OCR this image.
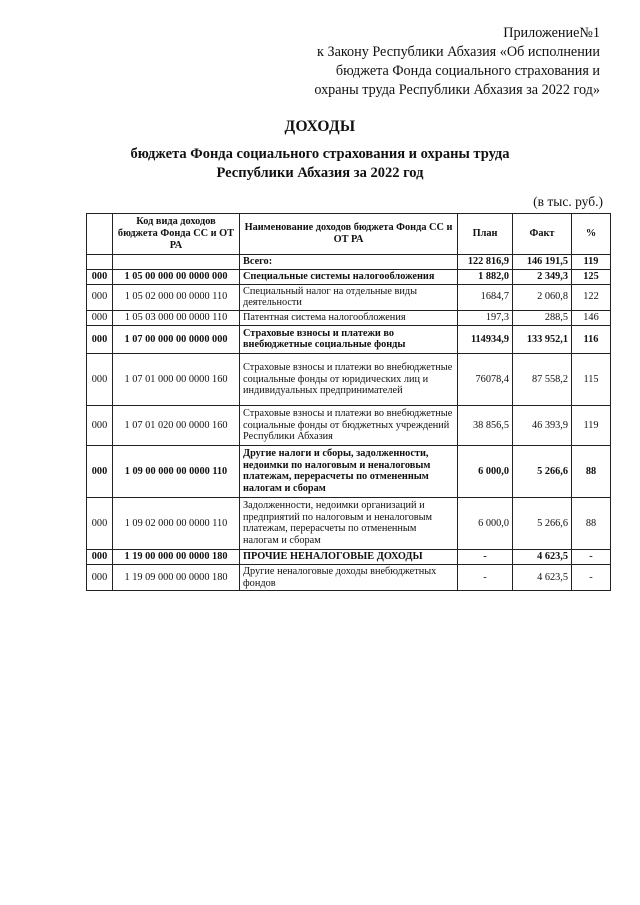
Приложение№1
к Закону Республики Абхазия «Об исполнении
бюджета Фонда социального страхования и
охраны труда Республики Абхазия за 2022 год»
ДОХОДЫ
бюджета Фонда социального страхования и охраны труда
Республики Абхазия за 2022 год
(в тыс. руб.)
	Код вида доходов бюджета Фонда СС и ОТ РА	Наименование доходов бюджета Фонда СС и ОТ РА	План	Факт	%
		Всего:	122 816,9	146 191,5	119
000	1 05 00 000 00 0000 000	Специальные системы налогообложения	1 882,0	2 349,3	125
000	1 05 02 000 00 0000 110	Специальный налог на отдельные виды деятельности	1684,7	2 060,8	122
000	1 05 03 000 00 0000 110	Патентная система налогообложения	197,3	288,5	146
000	1 07 00 000 00 0000 000	Страховые взносы и платежи во внебюджетные социальные фонды	114934,9	133 952,1	116
000	1 07 01 000 00 0000 160	Страховые взносы и платежи во внебюджетные социальные фонды от юридических лиц и индивидуальных предпринимателей	76078,4	87 558,2	115
000	1 07 01 020 00 0000 160	Страховые взносы и платежи во внебюджетные социальные фонды от бюджетных учреждений Республики Абхазия	38 856,5	46 393,9	119
000	1 09 00 000 00 0000 110	Другие налоги и сборы, задолженности, недоимки по налоговым и неналоговым платежам, перерасчеты по отмененным налогам и сборам	6 000,0	5 266,6	88
000	1 09 02 000 00 0000 110	Задолженности, недоимки организаций и предприятий по налоговым и неналоговым платежам, перерасчеты по отмененным налогам и сборам	6 000,0	5 266,6	88
000	1 19 00 000 00 0000 180	ПРОЧИЕ НЕНАЛОГОВЫЕ ДОХОДЫ	-	4 623,5	-
000	1 19 09 000 00 0000 180	Другие неналоговые доходы внебюджетных фондов	-	4 623,5	-
